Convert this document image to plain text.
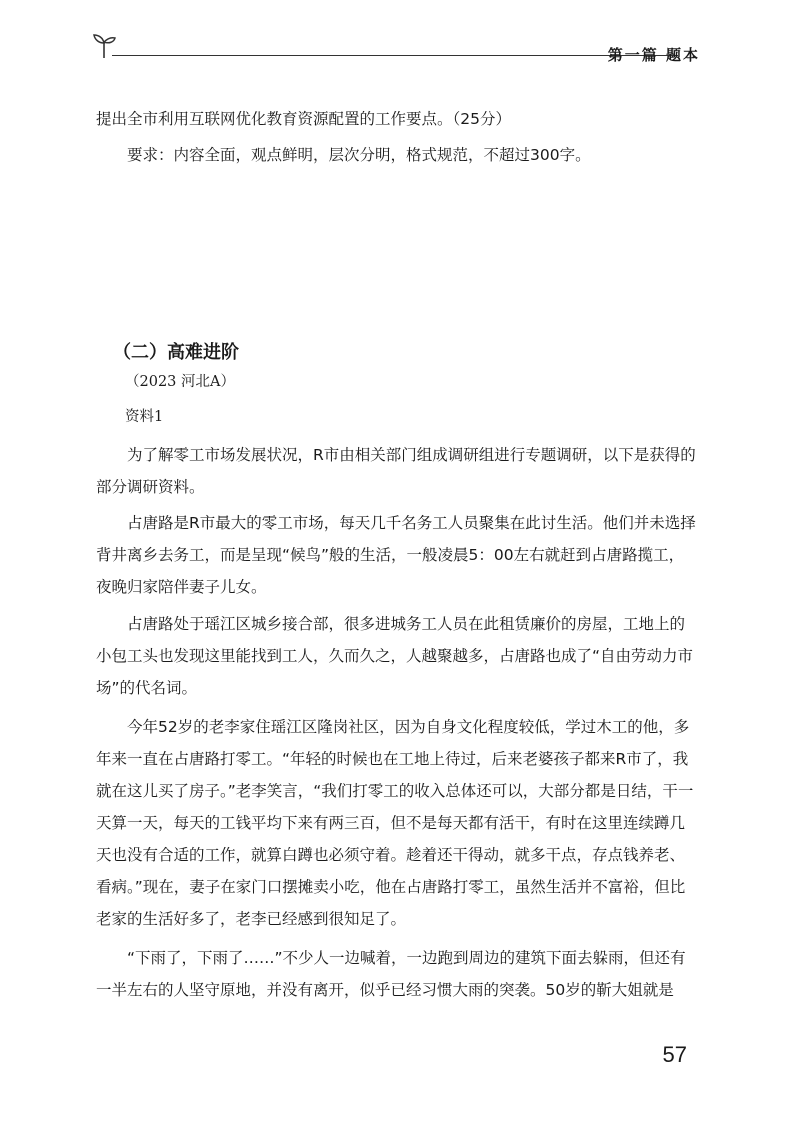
第一篇 题本

提出全市利用互联网优化教育资源配置的工作要点。（25分）

要求：内容全面，观点鲜明，层次分明，格式规范，不超过300字。

（二）高难进阶

（2023 河北A）

资料1

为了解零工市场发展状况，R市由相关部门组成调研组进行专题调研，以下是获得的部分调研资料。

占唐路是R市最大的零工市场，每天几千名务工人员聚集在此讨生活。他们并未选择背井离乡去务工，而是呈现“候鸟”般的生活，一般凌晨5：00左右就赶到占唐路揽工，夜晚归家陪伴妻子儿女。

占唐路处于瑶江区城乡接合部，很多进城务工人员在此租赁廉价的房屋，工地上的小包工头也发现这里能找到工人，久而久之，人越聚越多，占唐路也成了“自由劳动力市场”的代名词。

今年52岁的老李家住瑶江区隆岗社区，因为自身文化程度较低，学过木工的他，多年来一直在占唐路打零工。“年轻的时候也在工地上待过，后来老婆孩子都来R市了，我就在这儿买了房子。”老李笑言，“我们打零工的收入总体还可以，大部分都是日结，干一天算一天，每天的工钱平均下来有两三百，但不是每天都有活干，有时在这里连续蹲几天也没有合适的工作，就算白蹲也必须守着。趁着还干得动，就多干点，存点钱养老、看病。”现在，妻子在家门口摆摊卖小吃，他在占唐路打零工，虽然生活并不富裕，但比老家的生活好多了，老李已经感到很知足了。

“下雨了，下雨了……”不少人一边喊着，一边跑到周边的建筑下面去躲雨，但还有一半左右的人坚守原地，并没有离开，似乎已经习惯大雨的突袭。50岁的靳大姐就是

57
